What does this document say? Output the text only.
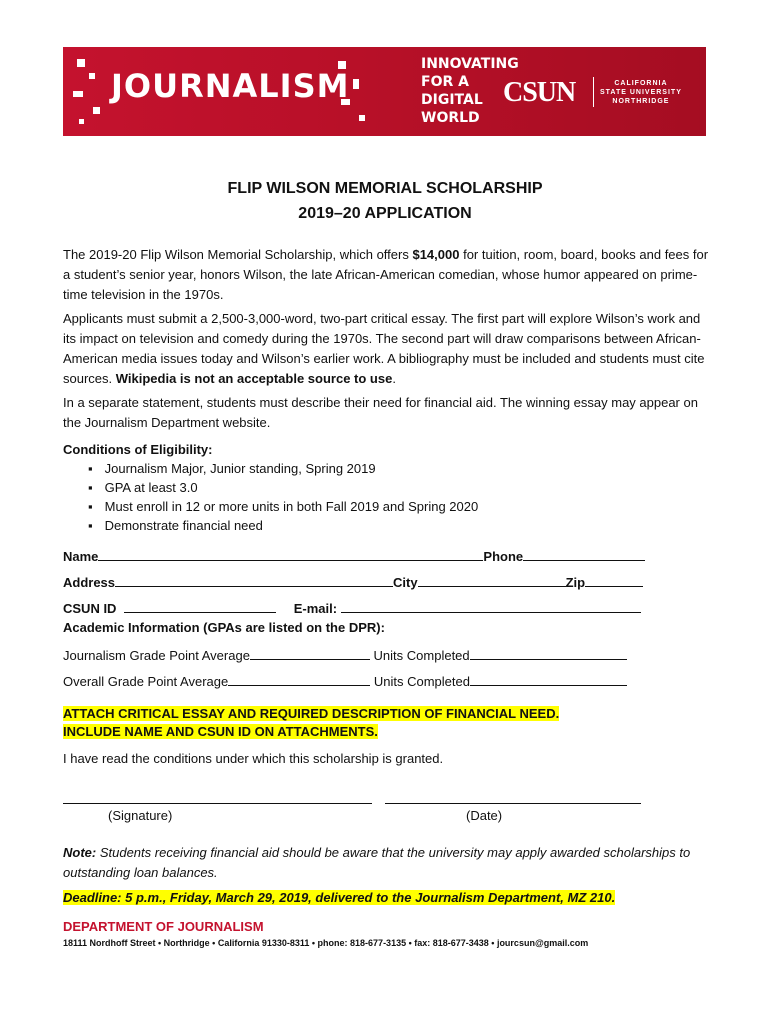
JOURNALISM
INNOVATING
FOR A
DIGITAL
WORLD
CSUN	CALIFORNIA
STATE UNIVERSITY
NORTHRIDGE
FLIP WILSON MEMORIAL SCHOLARSHIP
2019–20 APPLICATION
The 2019-20 Flip Wilson Memorial Scholarship, which offers $14,000 for tuition, room, board, books and fees for a student’s senior year, honors Wilson, the late African-American comedian, whose humor appeared on prime-time television in the 1970s.
Applicants must submit a 2,500-3,000-word, two-part critical essay. The first part will explore Wilson’s work and its impact on television and comedy during the 1970s. The second part will draw comparisons between African-American media issues today and Wilson’s earlier work. A bibliography must be included and students must cite sources. Wikipedia is not an acceptable source to use.
In a separate statement, students must describe their need for financial aid. The winning essay may appear on the Journalism Department website.
Conditions of Eligibility:
▪ Journalism Major, Junior standing, Spring 2019
▪ GPA at least 3.0
▪ Must enroll in 12 or more units in both Fall 2019 and Spring 2020
▪ Demonstrate financial need
Name	Phone
Address	City	Zip
CSUN ID	E-mail:
Academic Information (GPAs are listed on the DPR):
Journalism Grade Point Average	Units Completed
Overall Grade Point Average	Units Completed
ATTACH CRITICAL ESSAY AND REQUIRED DESCRIPTION OF FINANCIAL NEED.
INCLUDE NAME AND CSUN ID ON ATTACHMENTS.
I have read the conditions under which this scholarship is granted.
(Signature)	(Date)
Note: Students receiving financial aid should be aware that the university may apply awarded scholarships to outstanding loan balances.
Deadline: 5 p.m., Friday, March 29, 2019, delivered to the Journalism Department, MZ 210.
DEPARTMENT OF JOURNALISM
18111 Nordhoff Street • Northridge • California 91330-8311 • phone: 818-677-3135 • fax: 818-677-3438 • jourcsun@gmail.com
